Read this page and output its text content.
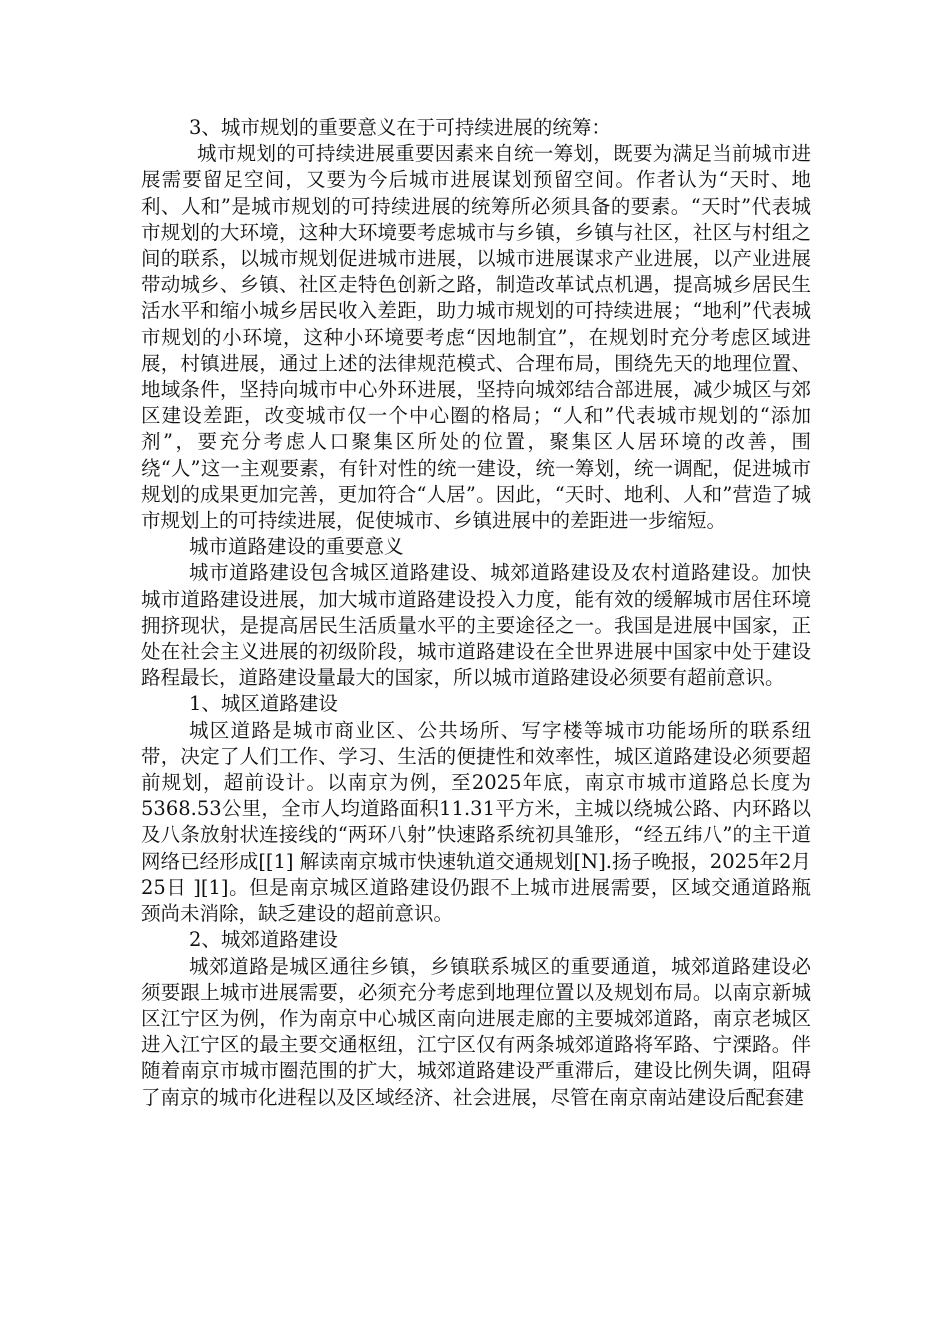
3、城市规划的重要意义在于可持续进展的统筹：

城市规划的可持续进展重要因素来自统一筹划，既要为满足当前城市进展需要留足空间，又要为今后城市进展谋划预留空间。作者认为“天时、地利、人和”是城市规划的可持续进展的统筹所必须具备的要素。“天时”代表城市规划的大环境，这种大环境要考虑城市与乡镇，乡镇与社区，社区与村组之间的联系，以城市规划促进城市进展，以城市进展谋求产业进展，以产业进展带动城乡、乡镇、社区走特色创新之路，制造改革试点机遇，提高城乡居民生活水平和缩小城乡居民收入差距，助力城市规划的可持续进展；“地利”代表城市规划的小环境，这种小环境要考虑“因地制宜”，在规划时充分考虑区域进展，村镇进展，通过上述的法律规范模式、合理布局，围绕先天的地理位置、地域条件，坚持向城市中心外环进展，坚持向城郊结合部进展，减少城区与郊区建设差距，改变城市仅一个中心圈的格局；“人和”代表城市规划的“添加剂”，要充分考虑人口聚集区所处的位置，聚集区人居环境的改善，围绕“人”这一主观要素，有针对性的统一建设，统一筹划，统一调配，促进城市规划的成果更加完善，更加符合“人居”。因此，“天时、地利、人和”营造了城市规划上的可持续进展，促使城市、乡镇进展中的差距进一步缩短。

城市道路建设的重要意义

城市道路建设包含城区道路建设、城郊道路建设及农村道路建设。加快城市道路建设进展，加大城市道路建设投入力度，能有效的缓解城市居住环境拥挤现状，是提高居民生活质量水平的主要途径之一。我国是进展中国家，正处在社会主义进展的初级阶段，城市道路建设在全世界进展中国家中处于建设路程最长，道路建设量最大的国家，所以城市道路建设必须要有超前意识。

1、城区道路建设

城区道路是城市商业区、公共场所、写字楼等城市功能场所的联系纽带，决定了人们工作、学习、生活的便捷性和效率性，城区道路建设必须要超前规划，超前设计。以南京为例，至2025年底，南京市城市道路总长度为5368.53公里，全市人均道路面积11.31平方米，主城以绕城公路、内环路以及八条放射状连接线的“两环八射”快速路系统初具雏形，“经五纬八”的主干道网络已经形成[[1] 解读南京城市快速轨道交通规划[N].扬子晚报，2025年2月25日 ][1]。但是南京城区道路建设仍跟不上城市进展需要，区域交通道路瓶颈尚未消除，缺乏建设的超前意识。

2、城郊道路建设

城郊道路是城区通往乡镇，乡镇联系城区的重要通道，城郊道路建设必须要跟上城市进展需要，必须充分考虑到地理位置以及规划布局。以南京新城区江宁区为例，作为南京中心城区南向进展走廊的主要城郊道路，南京老城区进入江宁区的最主要交通枢纽，江宁区仅有两条城郊道路将军路、宁溧路。伴随着南京市城市圈范围的扩大，城郊道路建设严重滞后，建设比例失调，阻碍了南京的城市化进程以及区域经济、社会进展，尽管在南京南站建设后配套建
